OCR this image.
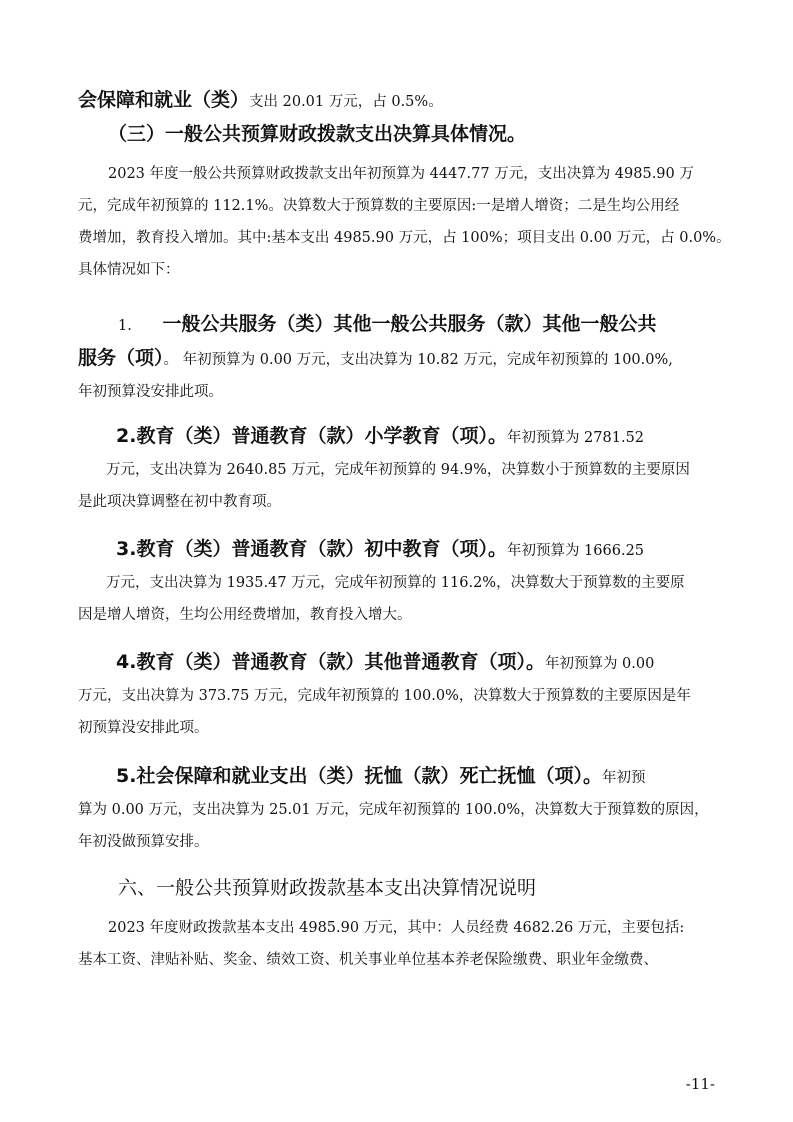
会保障和就业（类）支出 20.01 万元，占 0.5%。
（三）一般公共预算财政拨款支出决算具体情况。
2023 年度一般公共预算财政拨款支出年初预算为 4447.77 万元，支出决算为 4985.90 万
元，完成年初预算的 112.1%。决算数大于预算数的主要原因:一是增人增资；二是生均公用经
费增加，教育投入增加。其中:基本支出 4985.90 万元，占 100%；项目支出 0.00 万元，占 0.0%。
具体情况如下：
1. 一般公共服务（类）其他一般公共服务（款）其他一般公共
服务（项）。 年初预算为 0.00 万元，支出决算为 10.82 万元，完成年初预算的 100.0%,
年初预算没安排此项。
2.教育（类）普通教育（款）小学教育（项）。年初预算为 2781.52
万元，支出决算为 2640.85 万元，完成年初预算的 94.9%，决算数小于预算数的主要原因
是此项决算调整在初中教育项。
3.教育（类）普通教育（款）初中教育（项）。年初预算为 1666.25
万元，支出决算为 1935.47 万元，完成年初预算的 116.2%，决算数大于预算数的主要原
因是增人增资，生均公用经费增加，教育投入增大。
4.教育（类）普通教育（款）其他普通教育（项）。年初预算为 0.00
万元，支出决算为 373.75 万元，完成年初预算的 100.0%，决算数大于预算数的主要原因是年
初预算没安排此项。
5.社会保障和就业支出（类）抚恤（款）死亡抚恤（项）。年初预
算为 0.00 万元，支出决算为 25.01 万元，完成年初预算的 100.0%，决算数大于预算数的原因，
年初没做预算安排。
六、一般公共预算财政拨款基本支出决算情况说明
2023 年度财政拨款基本支出 4985.90 万元，其中：人员经费 4682.26 万元，主要包括:
基本工资、津贴补贴、奖金、绩效工资、机关事业单位基本养老保险缴费、职业年金缴费、
-11-
